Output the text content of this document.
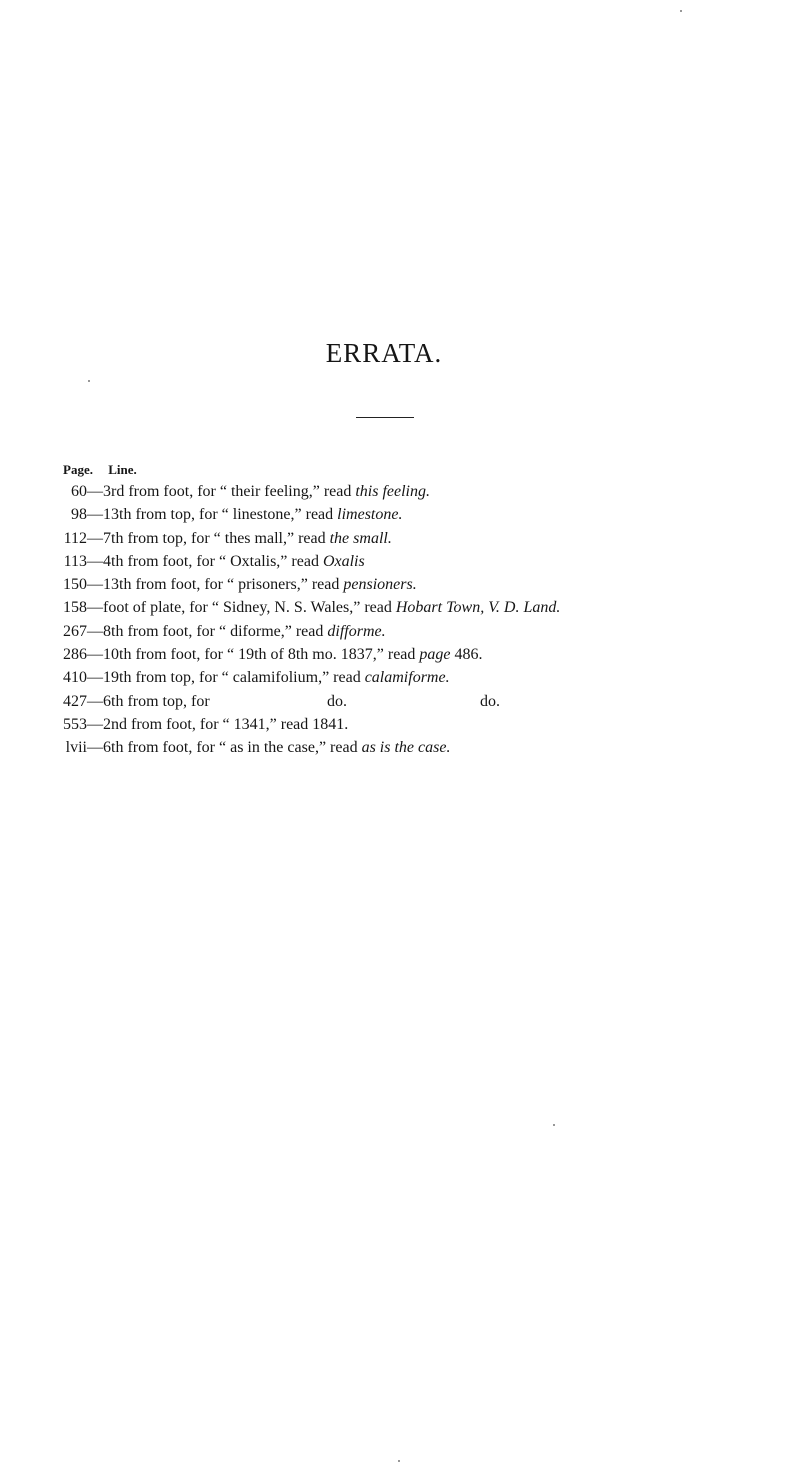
ERRATA.
Page. Line.
60 —3rd from foot, for “ their feeling,” read this feeling.
98 —13th from top, for “ linestone,” read limestone.
112 —7th from top, for “ thes mall,” read the small.
113 —4th from foot, for “ Oxtalis,” read Oxalis
150 —13th from foot, for “ prisoners,” read pensioners.
158 —foot of plate, for “ Sidney, N. S. Wales,” read Hobart Town, V. D. Land.
267 —8th from foot, for “ diforme,” read difforme.
286 —10th from foot, for “ 19th of 8th mo. 1837,” read page 486.
410 —19th from top, for “ calamifolium,” read calamiforme.
427 —6th from top, for	do.	do.
553 —2nd from foot, for “ 1341,” read 1841.
lvii —6th from foot, for “ as in the case,” read as is the case.
